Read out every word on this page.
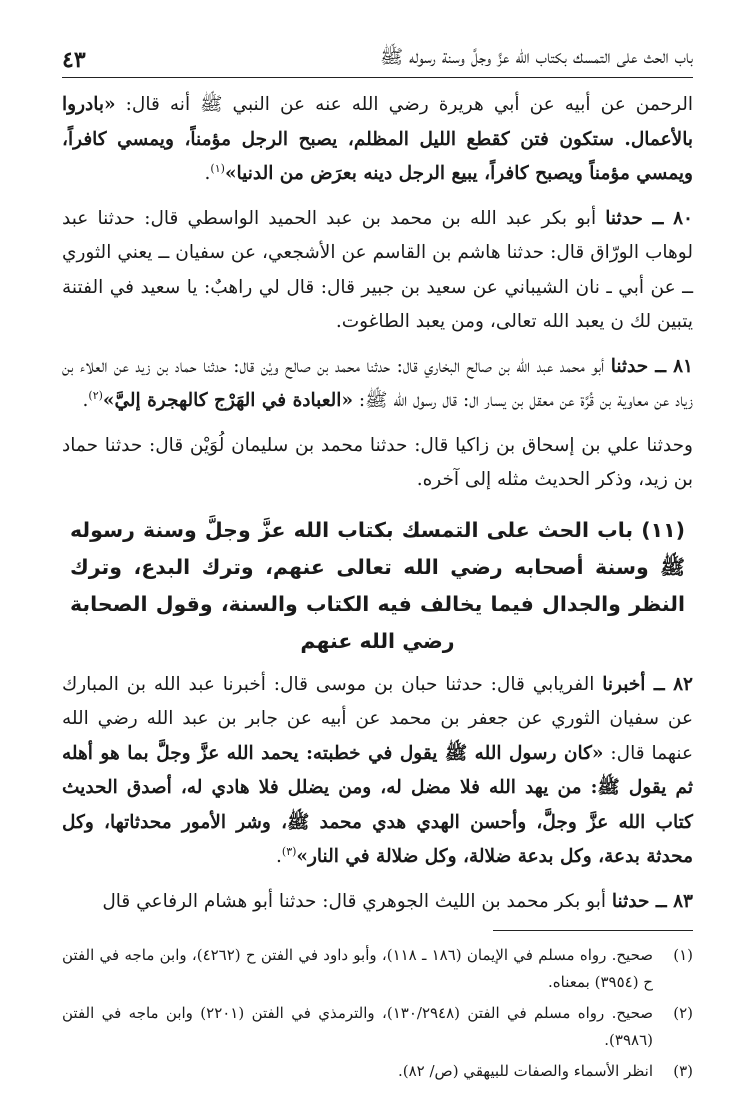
باب الحث على التمسك بكتاب الله عزَّ وجلَّ وسنة رسوله ﷺ
٤٣

الرحمن عن أبيه عن أبي هريرة رضي الله عنه عن النبي ﷺ أنه قال: «بادروا بالأعمال. ستكون فتن كقطع الليل المظلم، يصبح الرجل مؤمناً، ويمسي كافراً، ويمسي مؤمناً ويصبح كافراً، يبيع الرجل دينه بعرَض من الدنيا»$^{(١)}$.

٨٠ ــ حدثنا أبو بكر عبد الله بن محمد بن عبد الحميد الواسطي قال: حدثنا عبد لوهاب الورّاق قال: حدثنا هاشم بن القاسم عن الأشجعي، عن سفيان ــ يعني الثوري ــ عن أبي ـ نان الشيباني عن سعيد بن جبير قال: قال لي راهبٌ: يا سعيد في الفتنة يتبين لك ن يعبد الله تعالى، ومن يعبد الطاغوت.

٨١ ــ حدثنا أبو محمد عبد الله بن صالح البخاري قال: حدثنا محمد بن صالح ويْن قال: حدثنا حماد بن زيد عن العلاء بن زياد عن معاوية بن قُرَّة عن معقل بن يسار ال: قال رسول الله ﷺ: «العبادة في الهَرْج كالهجرة إليَّ»$^{(٢)}$.

وحدثنا علي بن إسحاق بن زاكيا قال: حدثنا محمد بن سليمان لُوَيْن قال: حدثنا حماد بن زيد، وذكر الحديث مثله إلى آخره.

(١١) باب الحث على التمسك بكتاب الله عزَّ وجلَّ وسنة رسوله ﷺ وسنة أصحابه رضي الله تعالى عنهم، وترك البدع، وترك النظر والجدال فيما يخالف فيه الكتاب والسنة، وقول الصحابة رضي الله عنهم

٨٢ ــ أخبرنا الفريابي قال: حدثنا حبان بن موسى قال: أخبرنا عبد الله بن المبارك عن سفيان الثوري عن جعفر بن محمد عن أبيه عن جابر بن عبد الله رضي الله عنهما قال: «كان رسول الله ﷺ يقول في خطبته: يحمد الله عزَّ وجلَّ بما هو أهله ثم يقول ﷺ: من يهد الله فلا مضل له، ومن يضلل فلا هادي له، أصدق الحديث كتاب الله عزَّ وجلَّ، وأحسن الهدي هدي محمد ﷺ، وشر الأمور محدثاتها، وكل محدثة بدعة، وكل بدعة ضلالة، وكل ضلالة في النار»$^{(٣)}$.

٨٣ ــ حدثنا أبو بكر محمد بن الليث الجوهري قال: حدثنا أبو هشام الرفاعي قال

(١)
صحيح. رواه مسلم في الإيمان (١٨٦ ـ ١١٨)، وأبو داود في الفتن ح (٤٢٦٢)، وابن ماجه في الفتن ح (٣٩٥٤) بمعناه.
(٢)
صحيح. رواه مسلم في الفتن (١٣٠/٢٩٤٨)، والترمذي في الفتن (٢٢٠١) وابن ماجه في الفتن (٣٩٨٦).
(٣)
انظر الأسماء والصفات للبيهقي (ص/ ٨٢).
